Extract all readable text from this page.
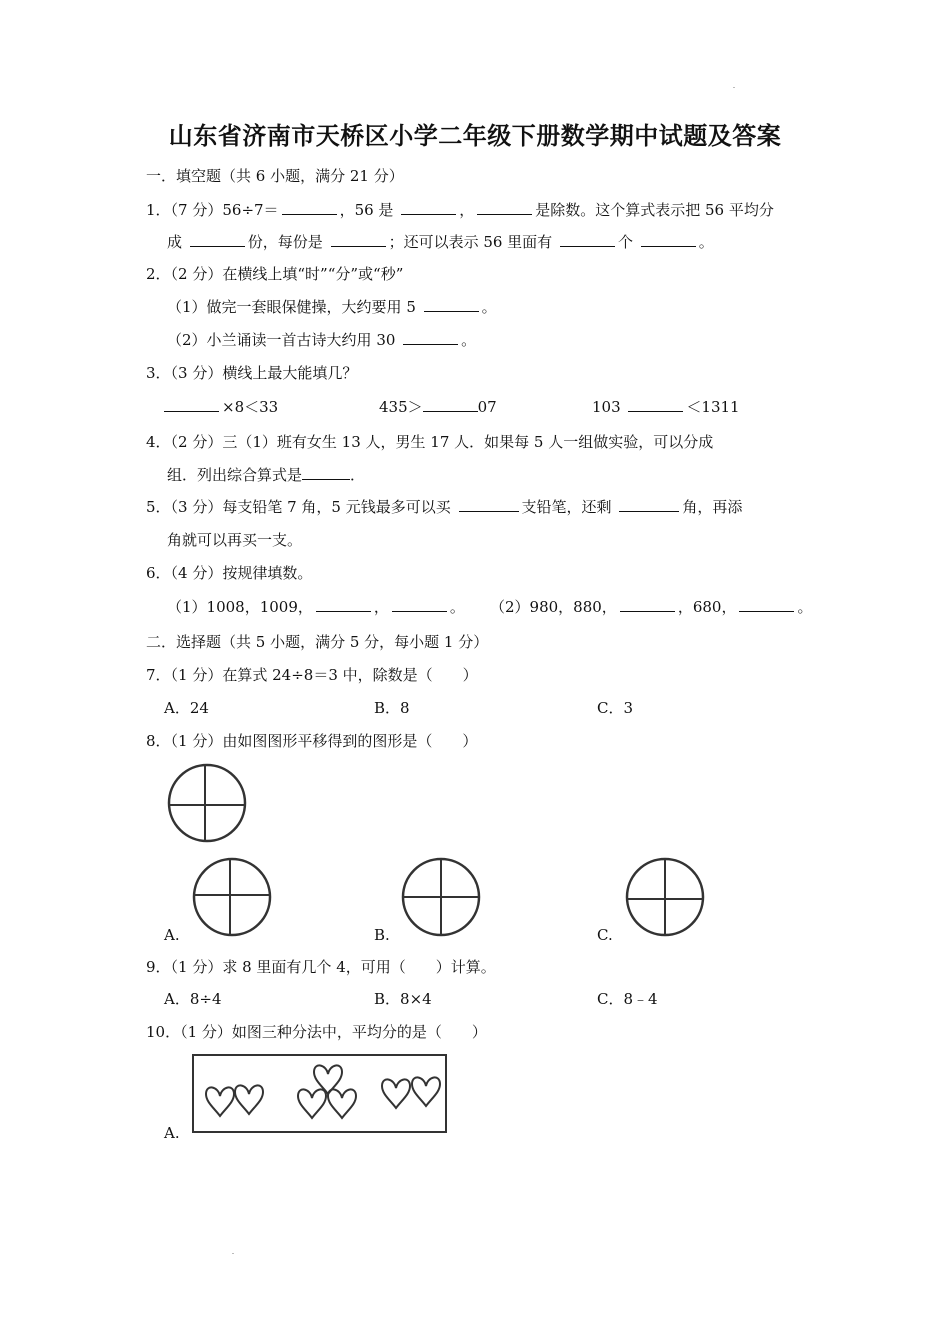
山东省济南市天桥区小学二年级下册数学期中试题及答案
一．填空题（共 6 小题，满分 21 分）
1．（7 分）56÷7＝	，56 是	，	是除数。这个算式表示把 56 平均分
成	份，每份是	；还可以表示 56 里面有	个	。
2．（2 分）在横线上填“时”“分”或“秒”
（1）做完一套眼保健操，大约要用 5	。
（2）小兰诵读一首古诗大约用 30	。
3．（3 分）横线上最大能填几？
×8＜33	435＞	07	103	＜1311
4．（2 分）三（1）班有女生 13 人，男生 17 人．如果每 5 人一组做实验，可以分成
组．列出综合算式是	．
5．（3 分）每支铅笔 7 角，5 元钱最多可以买	支铅笔，还剩	角，再添
角就可以再买一支。
6．（4 分）按规律填数。
（1）1008，1009，	，	。 （2）980，880，	，680，	。
二．选择题（共 5 小题，满分 5 分，每小题 1 分）
7．（1 分）在算式 24÷8＝3 中，除数是（　　）
A．24	B．8	C．3
8．（1 分）由如图图形平移得到的图形是（　　）
A.	B.	C.
9．（1 分）求 8 里面有几个 4，可用（　　）计算。
A．8÷4	B．8×4	C．8﹣4
10．（1 分）如图三种分法中，平均分的是（　　）
A.
